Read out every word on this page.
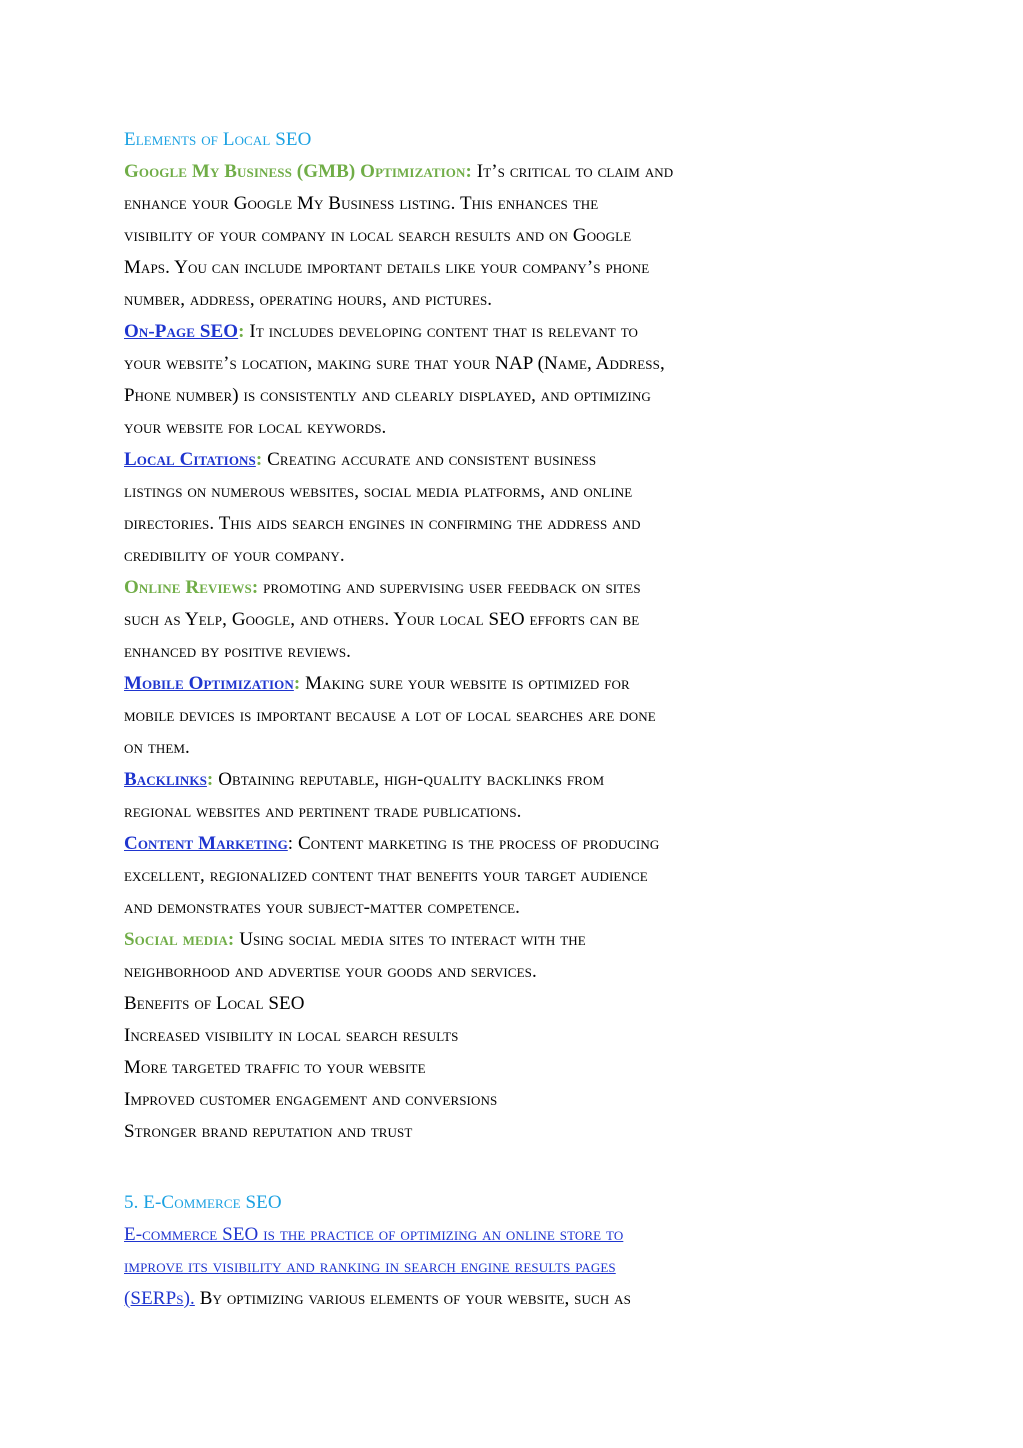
Elements of Local SEO
Google My Business (GMB) Optimization: It’s critical to claim and
enhance your Google My Business listing. This enhances the
visibility of your company in local search results and on Google
Maps. You can include important details like your company’s phone
number, address, operating hours, and pictures.
On-Page SEO: It includes developing content that is relevant to
your website’s location, making sure that your NAP (Name, Address,
Phone number) is consistently and clearly displayed, and optimizing
your website for local keywords.
Local Citations: Creating accurate and consistent business
listings on numerous websites, social media platforms, and online
directories. This aids search engines in confirming the address and
credibility of your company.
Online Reviews: promoting and supervising user feedback on sites
such as Yelp, Google, and others. Your local SEO efforts can be
enhanced by positive reviews.
Mobile Optimization: Making sure your website is optimized for
mobile devices is important because a lot of local searches are done
on them.
Backlinks: Obtaining reputable, high-quality backlinks from
regional websites and pertinent trade publications.
Content Marketing: Content marketing is the process of producing
excellent, regionalized content that benefits your target audience
and demonstrates your subject-matter competence.
Social media: Using social media sites to interact with the
neighborhood and advertise your goods and services.
Benefits of Local SEO
Increased visibility in local search results
More targeted traffic to your website
Improved customer engagement and conversions
Stronger brand reputation and trust
5. E-Commerce SEO
E-commerce SEO is the practice of optimizing an online store to
improve its visibility and ranking in search engine results pages
(SERPs). By optimizing various elements of your website, such as
